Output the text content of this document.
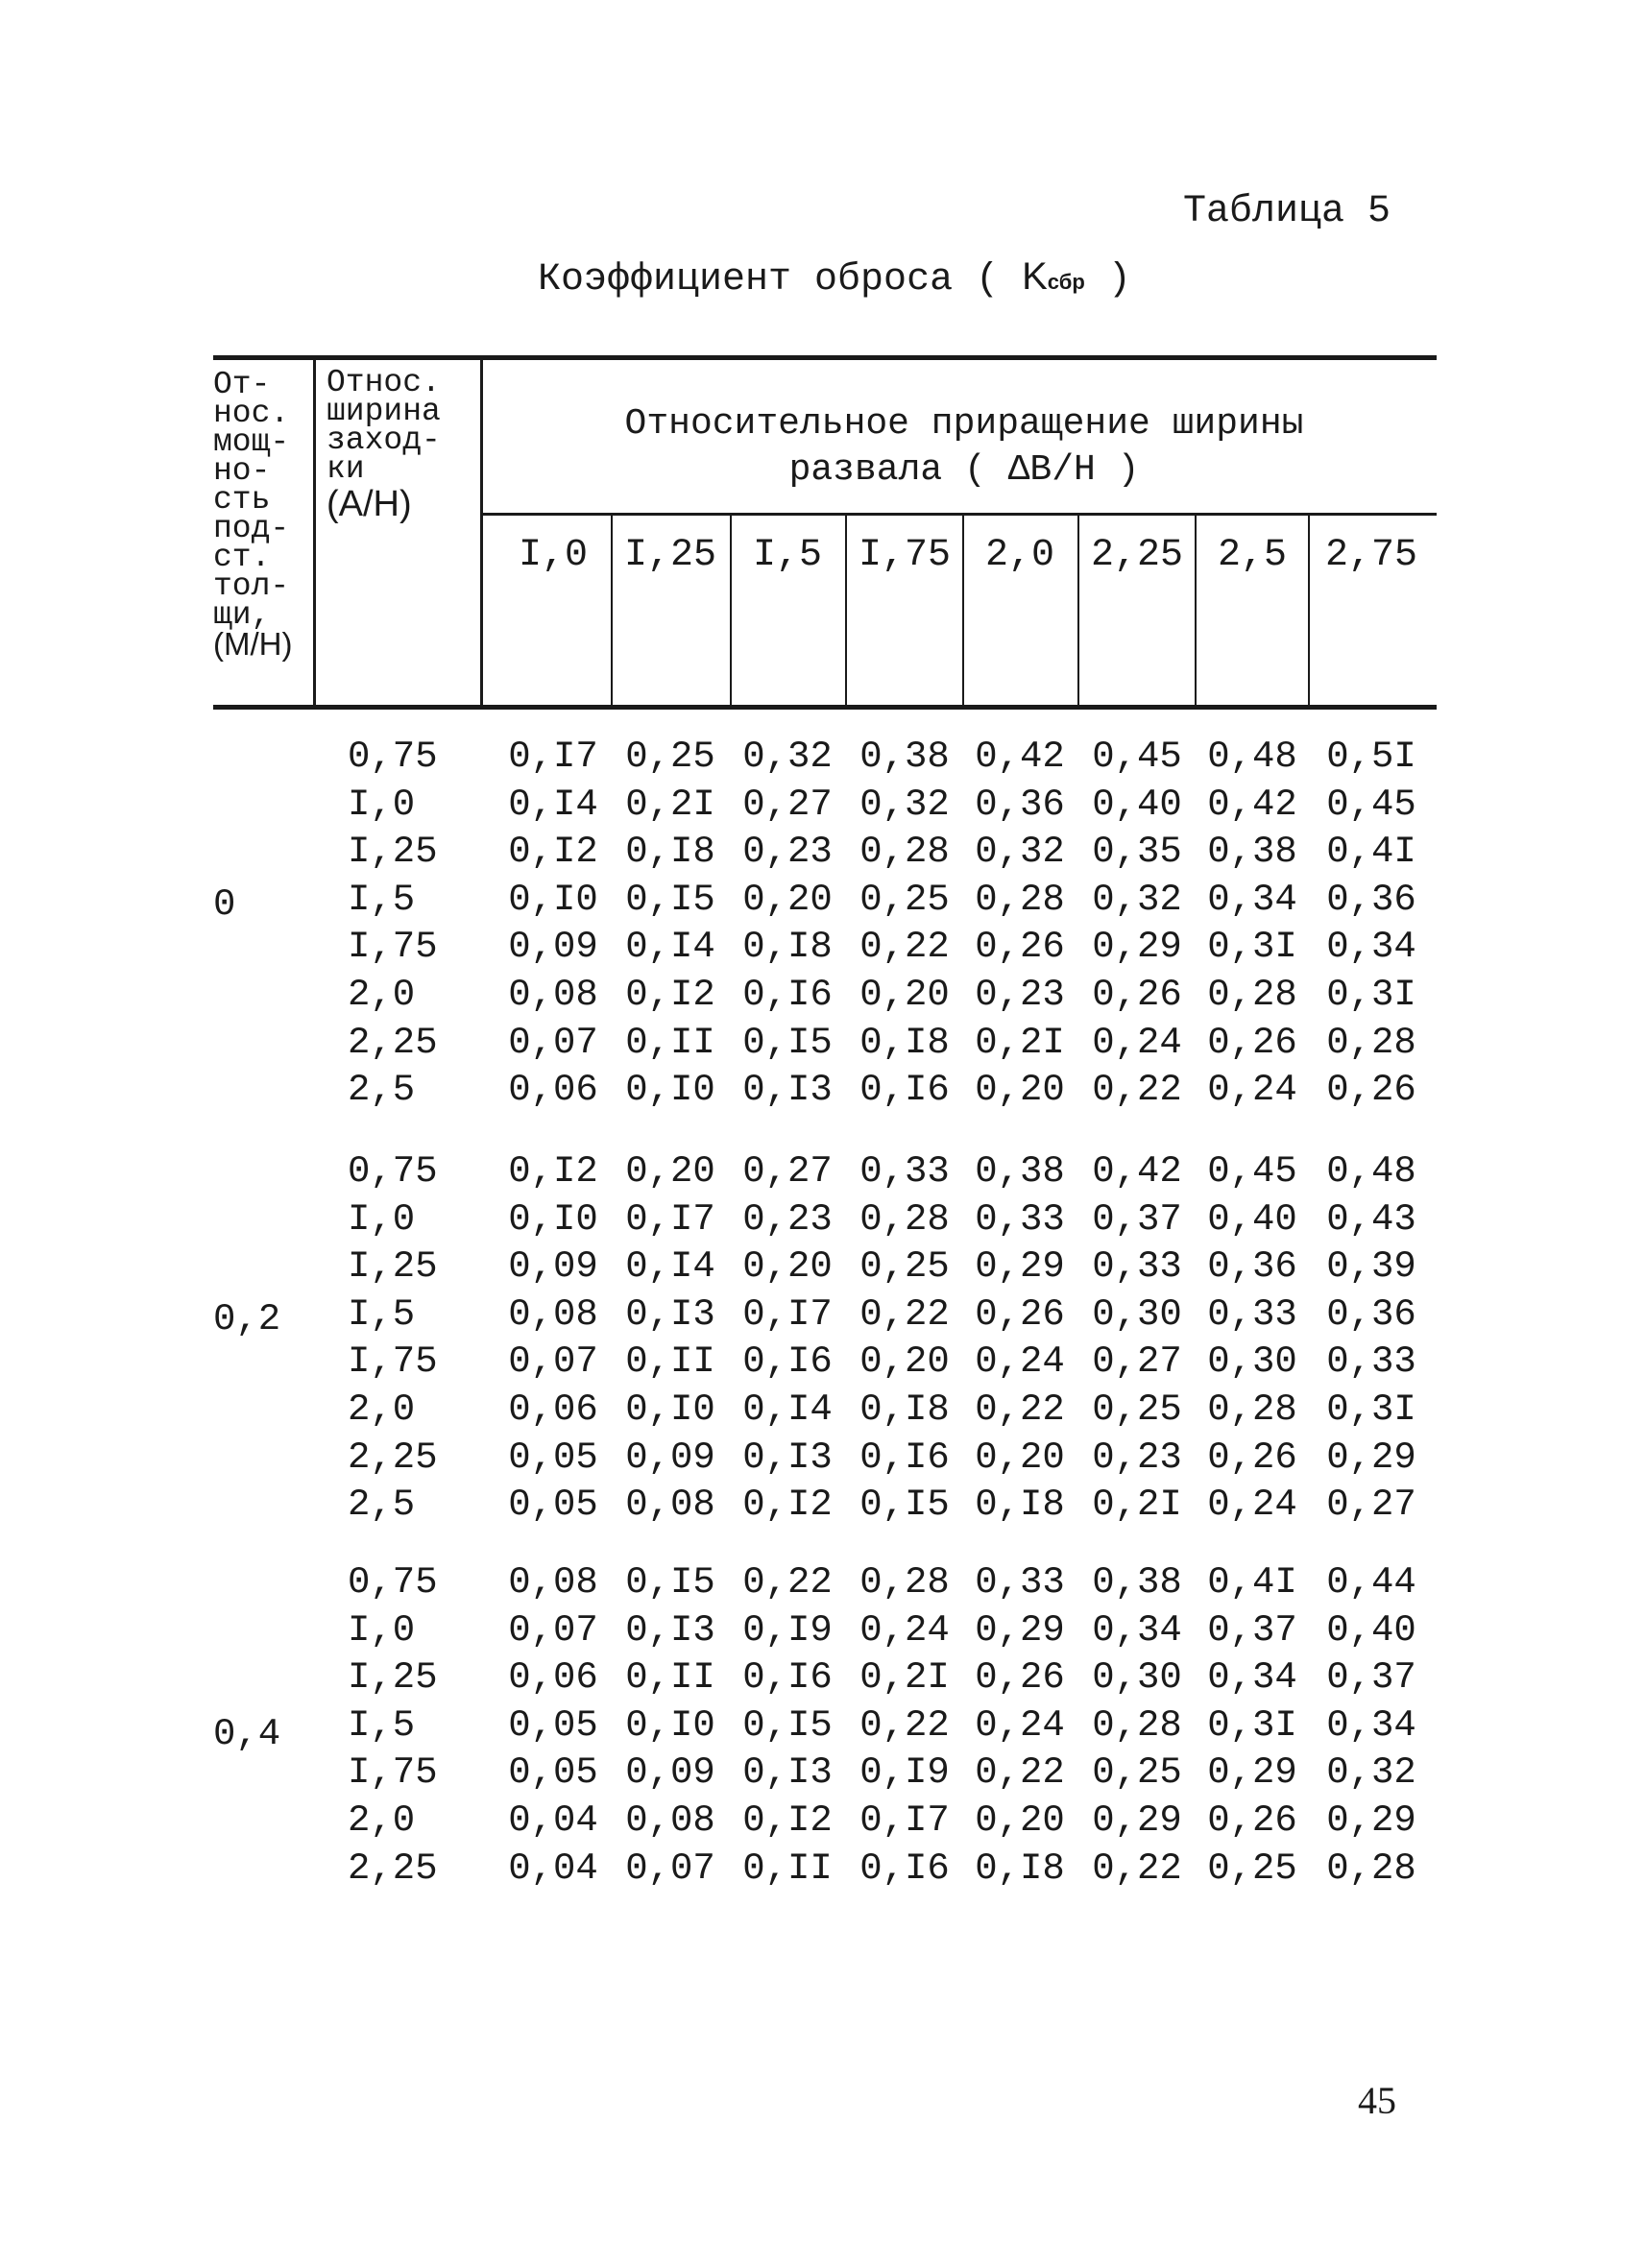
Таблица 5
Коэффициент оброса ( Kсбр )
От-
нос.
мощ-
но-
сть
под-
ст.
тол-
щи,
(М/Н)
Относ.
ширина
заход-
ки
(А/Н)
Относительное приращение ширины
развала ( ΔВ/Н )
I,0 I,25 I,5 I,75 2,0 2,25 2,5 2,75
0
0,75	0,I7 0,25 0,32 0,38 0,42 0,45 0,48 0,5I
I,0	0,I4 0,2I 0,27 0,32 0,36 0,40 0,42 0,45
I,25	0,I2 0,I8 0,23 0,28 0,32 0,35 0,38 0,4I
I,5	0,I0 0,I5 0,20 0,25 0,28 0,32 0,34 0,36
I,75	0,09 0,I4 0,I8 0,22 0,26 0,29 0,3I 0,34
2,0	0,08 0,I2 0,I6 0,20 0,23 0,26 0,28 0,3I
2,25	0,07 0,II 0,I5 0,I8 0,2I 0,24 0,26 0,28
2,5	0,06 0,I0 0,I3 0,I6 0,20 0,22 0,24 0,26
0,2
0,75	0,I2 0,20 0,27 0,33 0,38 0,42 0,45 0,48
I,0	0,I0 0,I7 0,23 0,28 0,33 0,37 0,40 0,43
I,25	0,09 0,I4 0,20 0,25 0,29 0,33 0,36 0,39
I,5	0,08 0,I3 0,I7 0,22 0,26 0,30 0,33 0,36
I,75	0,07 0,II 0,I6 0,20 0,24 0,27 0,30 0,33
2,0	0,06 0,I0 0,I4 0,I8 0,22 0,25 0,28 0,3I
2,25	0,05 0,09 0,I3 0,I6 0,20 0,23 0,26 0,29
2,5	0,05 0,08 0,I2 0,I5 0,I8 0,2I 0,24 0,27
0,4
0,75	0,08 0,I5 0,22 0,28 0,33 0,38 0,4I 0,44
I,0	0,07 0,I3 0,I9 0,24 0,29 0,34 0,37 0,40
I,25	0,06 0,II 0,I6 0,2I 0,26 0,30 0,34 0,37
I,5	0,05 0,I0 0,I5 0,22 0,24 0,28 0,3I 0,34
I,75	0,05 0,09 0,I3 0,I9 0,22 0,25 0,29 0,32
2,0	0,04 0,08 0,I2 0,I7 0,20 0,29 0,26 0,29
2,25	0,04 0,07 0,II 0,I6 0,I8 0,22 0,25 0,28
45
